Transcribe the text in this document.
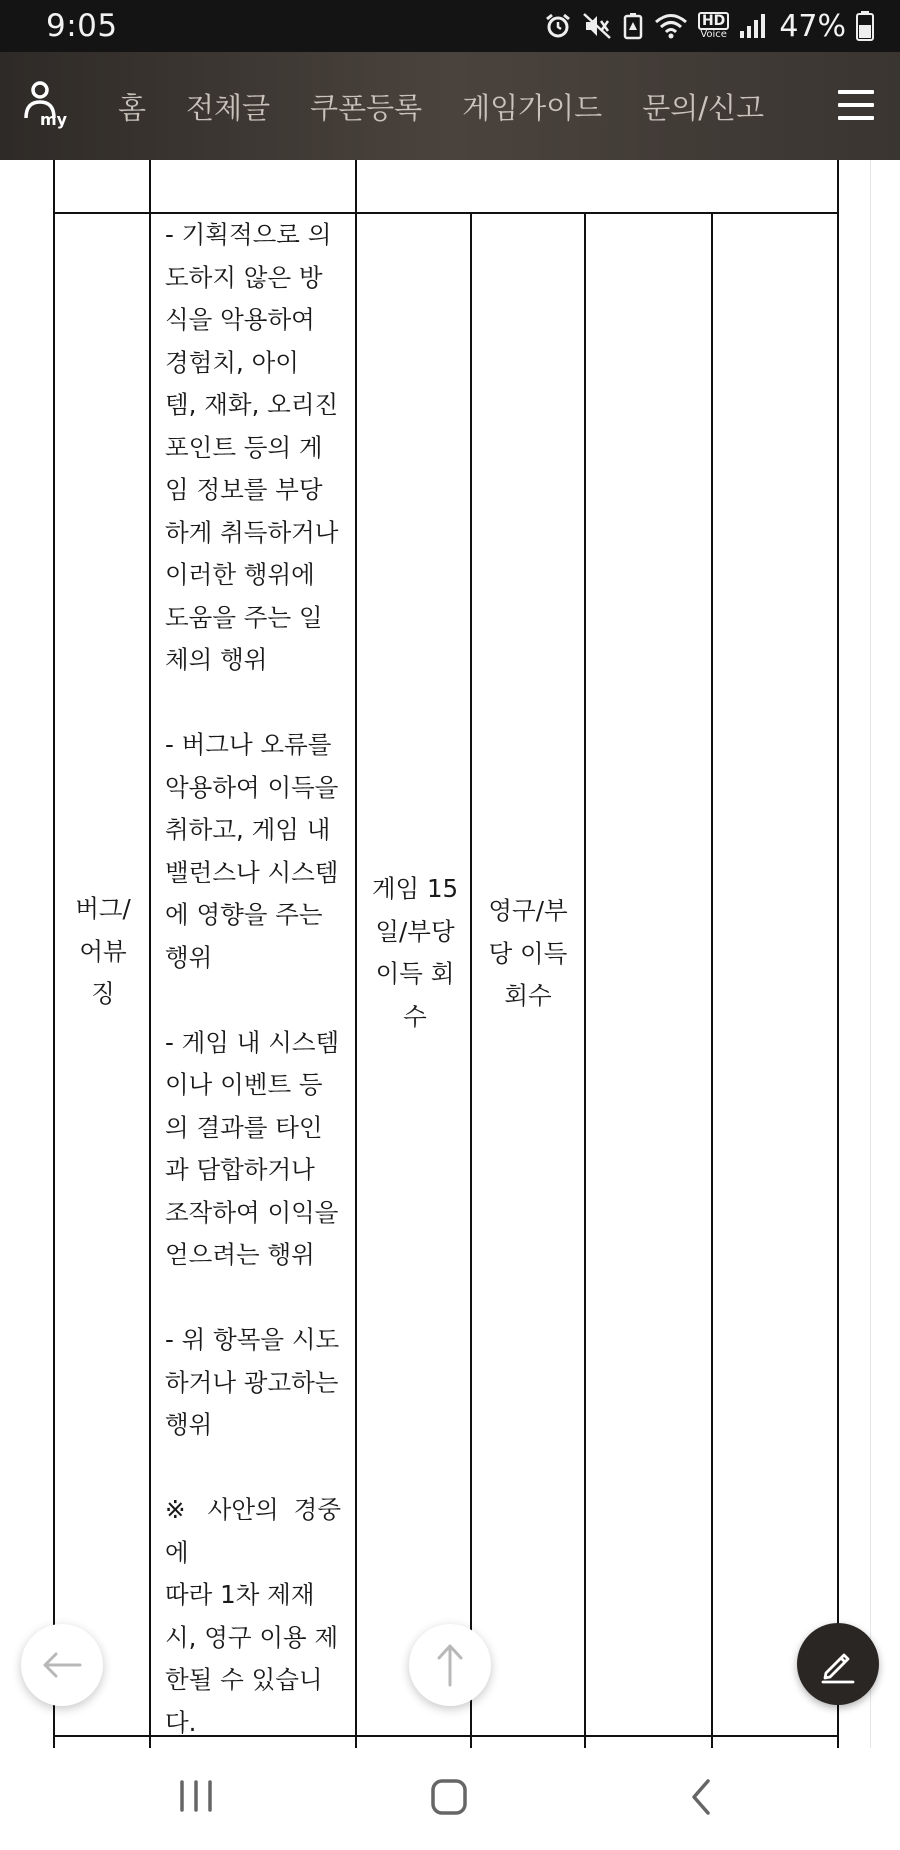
9:05	HD
Voice 47%
my 홈 전체글 쿠폰등록 게임가이드 문의/신고
버그/
어뷰
징

- 기획적으로 의

도하지 않은 방

식을 악용하여

경험치, 아이

템, 재화, 오리진

포인트 등의 게

임 정보를 부당

하게 취득하거나

이러한 행위에

도움을 주는 일

체의 행위

- 버그나 오류를

악용하여 이득을

취하고, 게임 내

밸런스나 시스템

에 영향을 주는

행위

- 게임 내 시스템

이나 이벤트 등

의 결과를 타인

과 담합하거나

조작하여 이익을

얻으려는 행위

- 위 항목을 시도

하거나 광고하는

행위

※ 사안의 경중에

따라 1차 제재

시, 영구 이용 제

한될 수 있습니

다.

게임 15
일/부당
이득 회
수
영구/부
당 이득
회수
